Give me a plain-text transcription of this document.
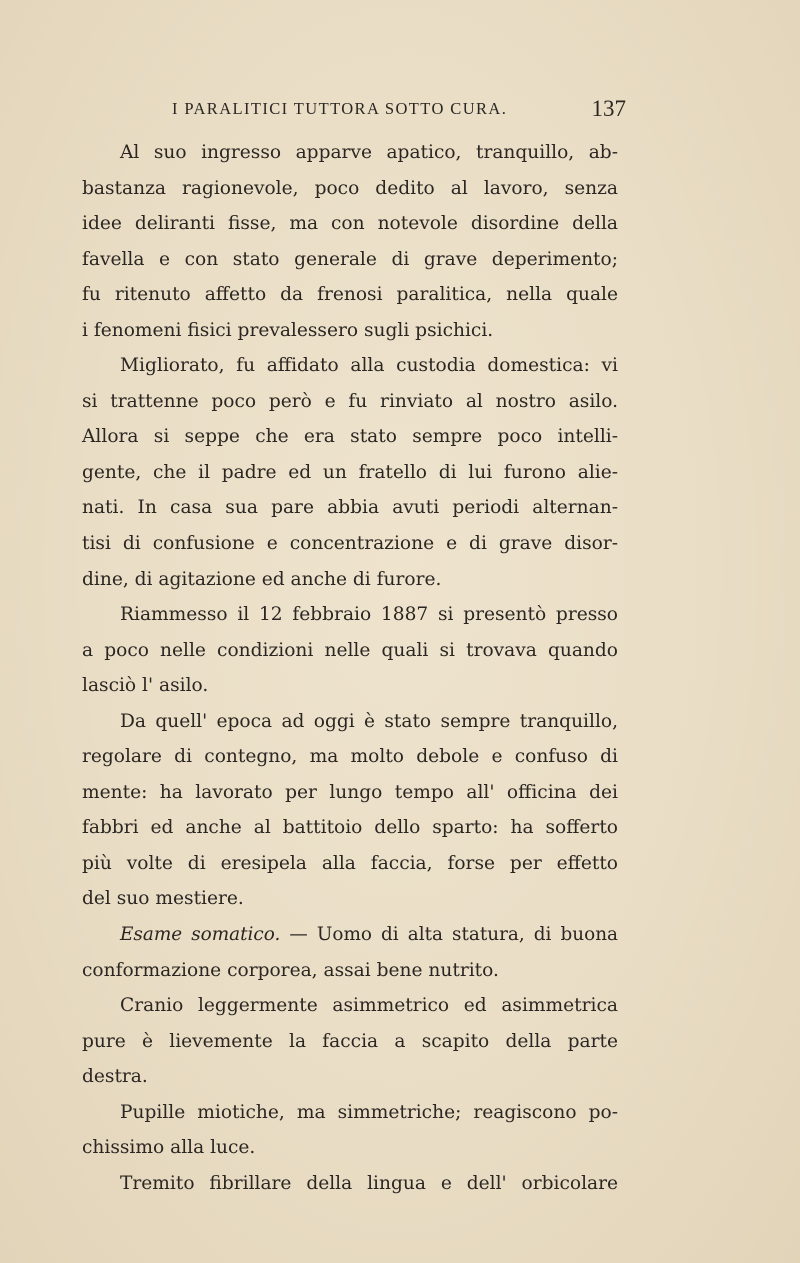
I PARALITICI TUTTORA SOTTO CURA.	137
Al suo ingresso apparve apatico, tranquillo, ab-
bastanza ragionevole, poco dedito al lavoro, senza
idee deliranti fisse, ma con notevole disordine della
favella e con stato generale di grave deperimento;
fu ritenuto affetto da frenosi paralitica, nella quale
i fenomeni fisici prevalessero sugli psichici.
Migliorato, fu affidato alla custodia domestica: vi
si trattenne poco però e fu rinviato al nostro asilo.
Allora si seppe che era stato sempre poco intelli-
gente, che il padre ed un fratello di lui furono alie-
nati. In casa sua pare abbia avuti periodi alternan-
tisi di confusione e concentrazione e di grave disor-
dine, di agitazione ed anche di furore.
Riammesso il 12 febbraio 1887 si presentò presso
a poco nelle condizioni nelle quali si trovava quando
lasciò l' asilo.
Da quell' epoca ad oggi è stato sempre tranquillo,
regolare di contegno, ma molto debole e confuso di
mente: ha lavorato per lungo tempo all' officina dei
fabbri ed anche al battitoio dello sparto: ha sofferto
più volte di eresipela alla faccia, forse per effetto
del suo mestiere.
Esame somatico. — Uomo di alta statura, di buona
conformazione corporea, assai bene nutrito.
Cranio leggermente asimmetrico ed asimmetrica
pure è lievemente la faccia a scapito della parte
destra.
Pupille miotiche, ma simmetriche; reagiscono po-
chissimo alla luce.
Tremito fibrillare della lingua e dell' orbicolare
